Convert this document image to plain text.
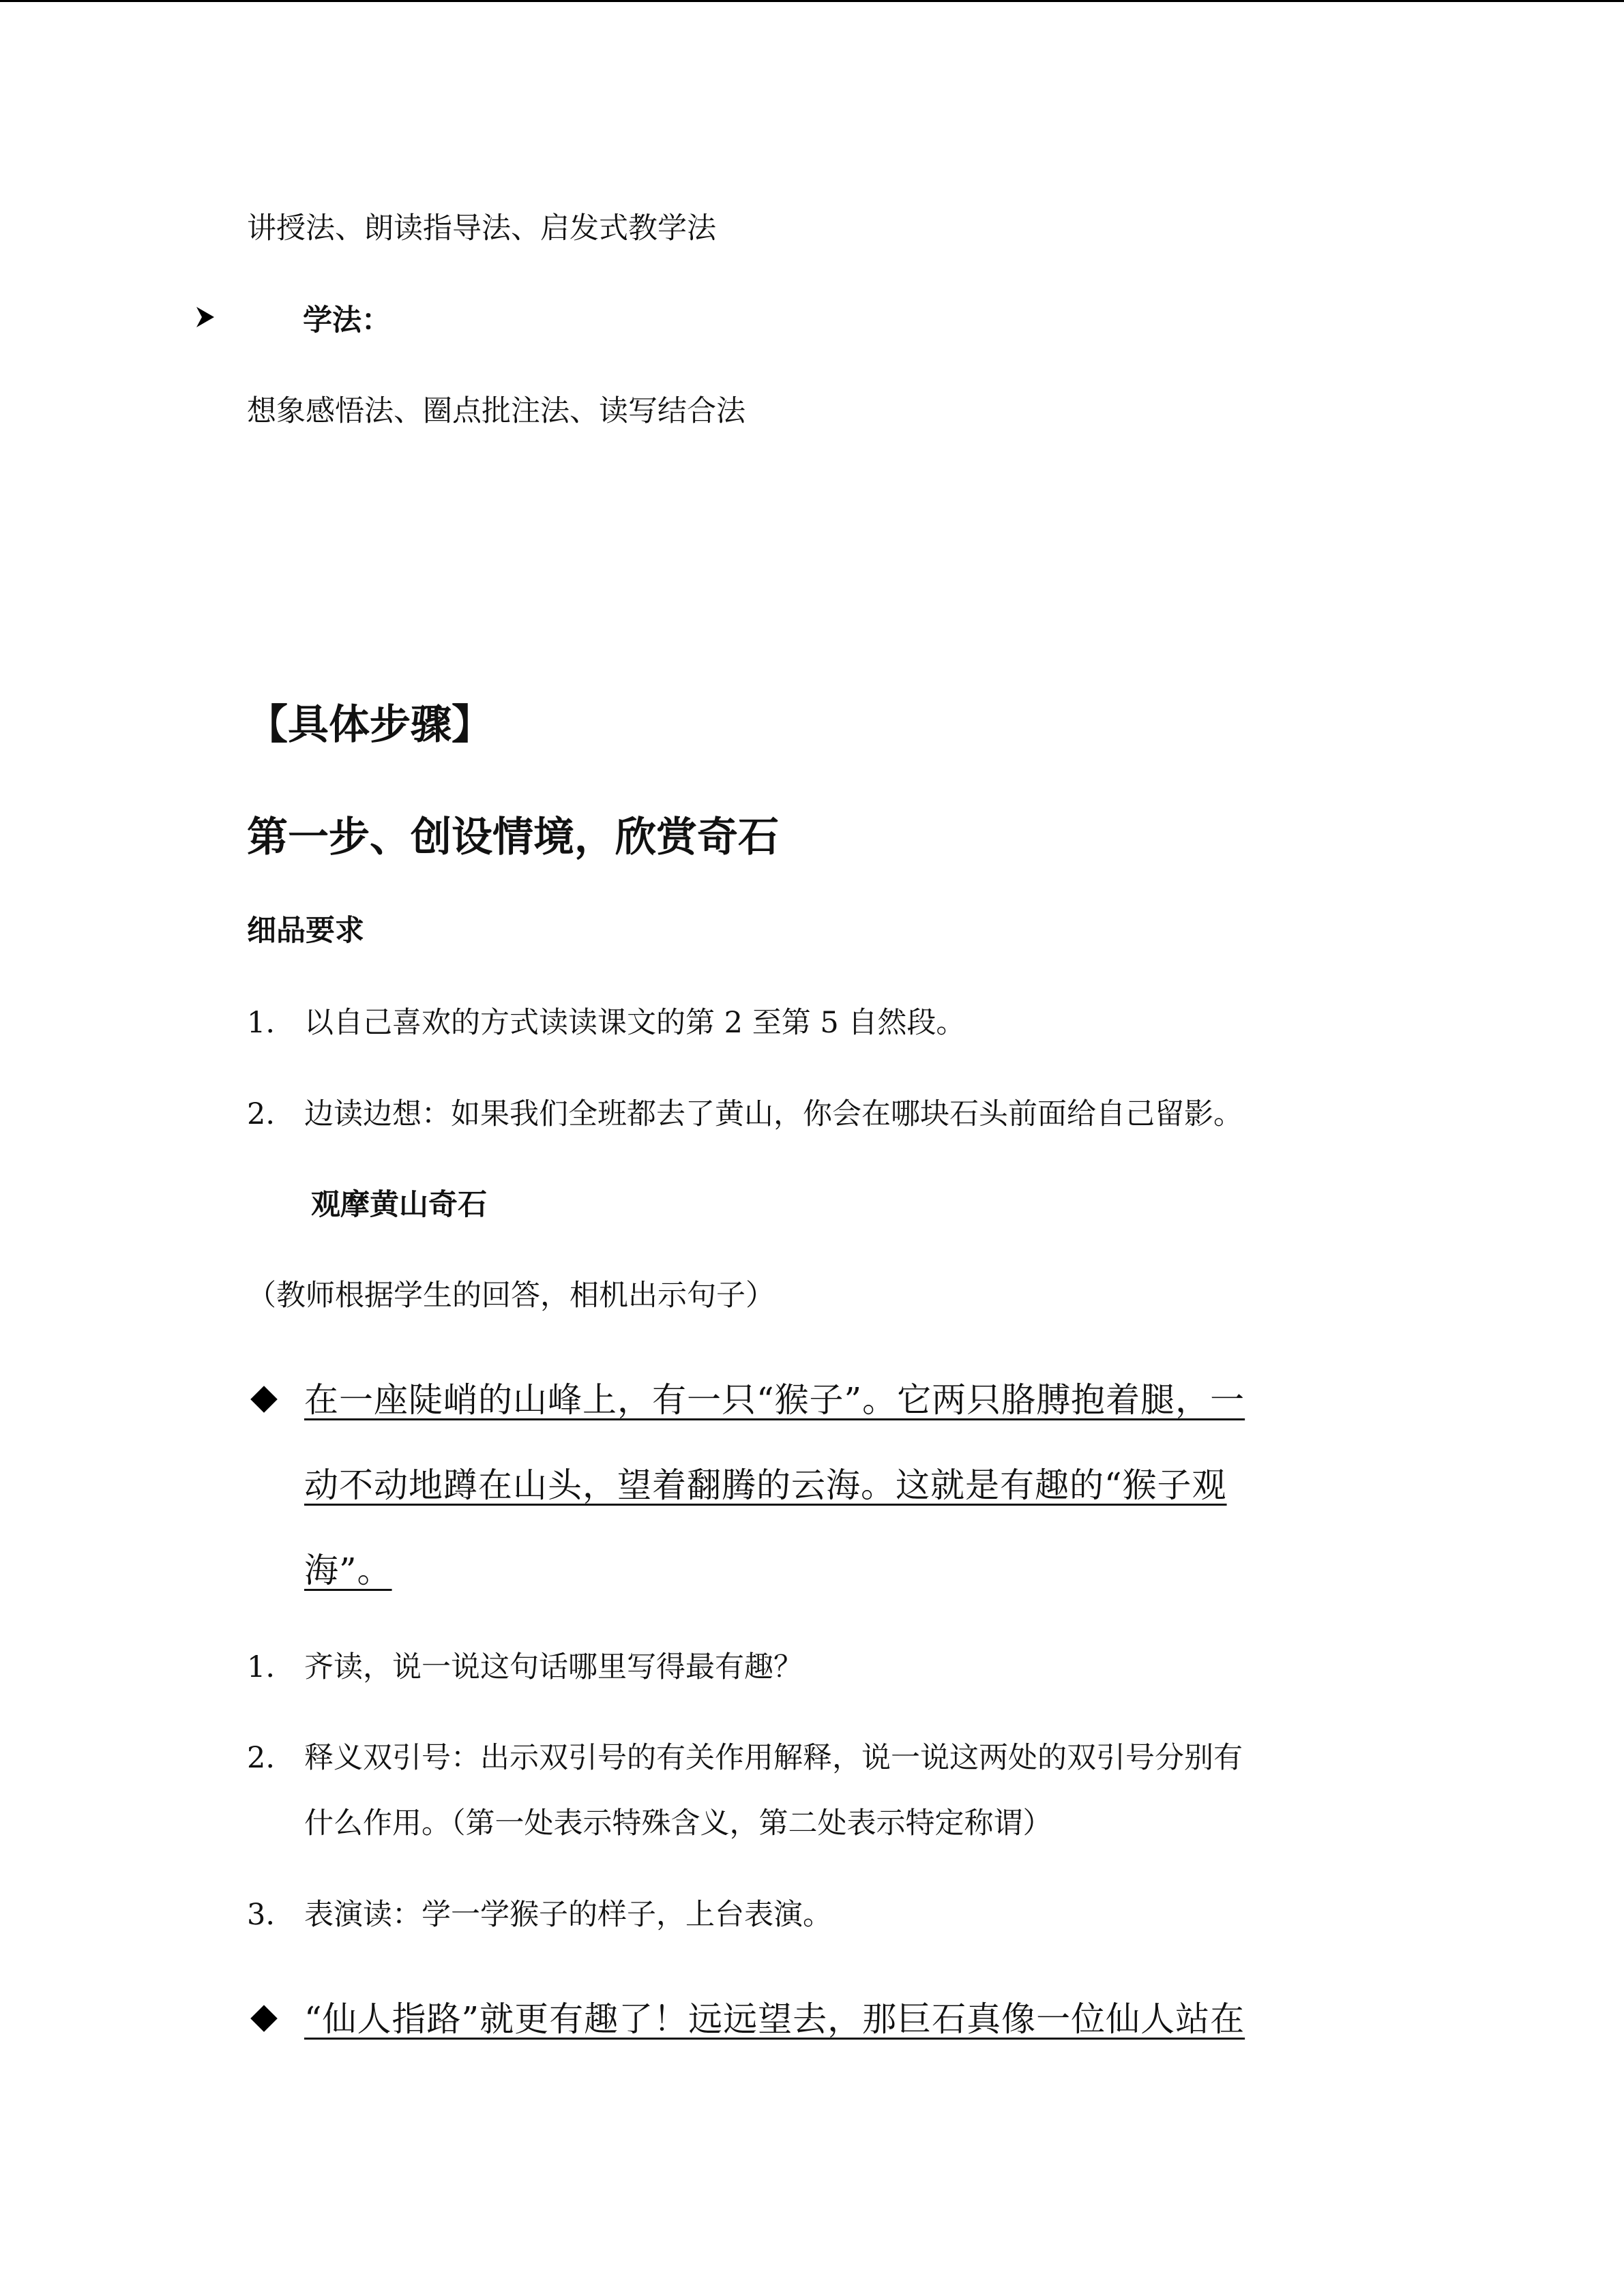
讲授法、朗读指导法、启发式教学法
学法：
想象感悟法、圈点批注法、读写结合法
【具体步骤】
第一步、创设情境，欣赏奇石
细品要求
1. 以自己喜欢的方式读读课文的第 2 至第 5 自然段。
2. 边读边想：如果我们全班都去了黄山，你会在哪块石头前面给自己留影。
观摩黄山奇石
（教师根据学生的回答，相机出示句子）
在一座陡峭的山峰上，有一只“猴子”。它两只胳膊抱着腿，一
动不动地蹲在山头，望着翻腾的云海。这就是有趣的“猴子观
海”。
1. 齐读，说一说这句话哪里写得最有趣？
2. 释义双引号：出示双引号的有关作用解释，说一说这两处的双引号分别有
什么作用。（第一处表示特殊含义，第二处表示特定称谓）
3. 表演读：学一学猴子的样子，上台表演。
“仙人指路”就更有趣了！远远望去，那巨石真像一位仙人站在
